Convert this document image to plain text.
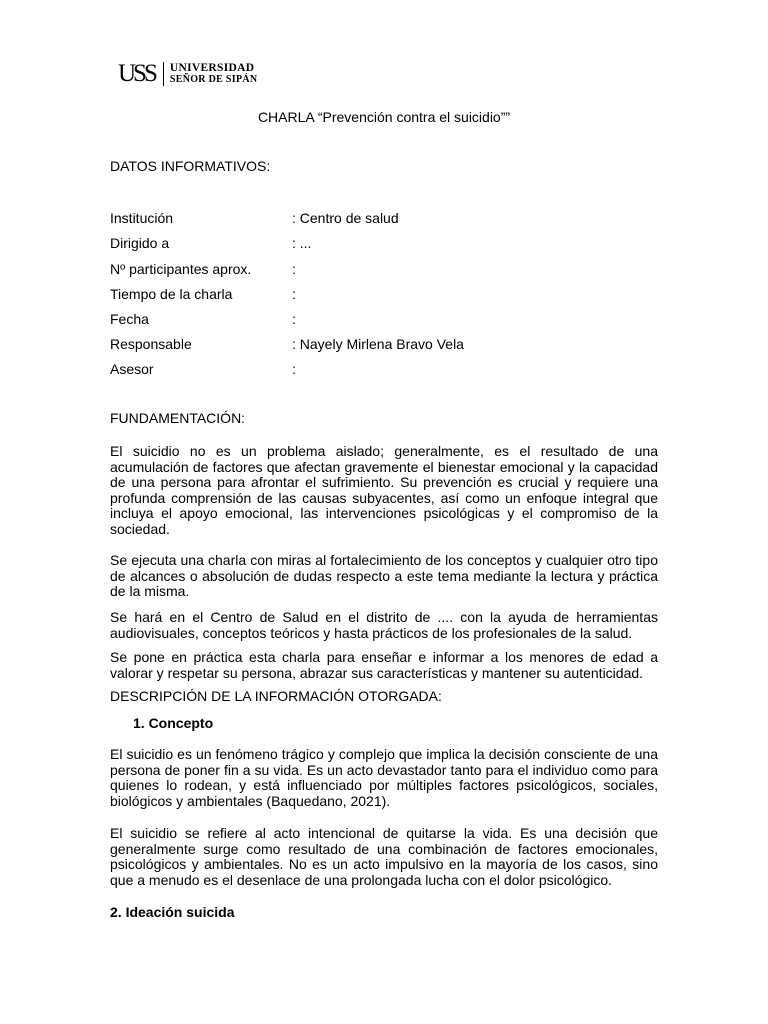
USS UNIVERSIDAD
SEÑOR DE SIPÁN
CHARLA “Prevención contra el suicidio””
DATOS INFORMATIVOS:
Institución	: Centro de salud
Dirigido a	: ...
Nº participantes aprox.	:
Tiempo de la charla	:
Fecha	:
Responsable	: Nayely Mirlena Bravo Vela
Asesor	:
FUNDAMENTACIÓN:
El suicidio no es un problema aislado; generalmente, es el resultado de una acumulación de factores que afectan gravemente el bienestar emocional y la capacidad de una persona para afrontar el sufrimiento. Su prevención es crucial y requiere una profunda comprensión de las causas subyacentes, así como un enfoque integral que incluya el apoyo emocional, las intervenciones psicológicas y el compromiso de la sociedad.
Se ejecuta una charla con miras al fortalecimiento de los conceptos y cualquier otro tipo de alcances o absolución de dudas respecto a este tema mediante la lectura y práctica de la misma.
Se hará en el Centro de Salud en el distrito de .... con la ayuda de herramientas audiovisuales, conceptos teóricos y hasta prácticos de los profesionales de la salud.
Se pone en práctica esta charla para enseñar e informar a los menores de edad a valorar y respetar su persona, abrazar sus características y mantener su autenticidad.
DESCRIPCIÓN DE LA INFORMACIÓN OTORGADA:
1. Concepto
El suicidio es un fenómeno trágico y complejo que implica la decisión consciente de una persona de poner fin a su vida. Es un acto devastador tanto para el individuo como para quienes lo rodean, y está influenciado por múltiples factores psicológicos, sociales, biológicos y ambientales (Baquedano, 2021).
El suicidio se refiere al acto intencional de quitarse la vida. Es una decisión que generalmente surge como resultado de una combinación de factores emocionales, psicológicos y ambientales. No es un acto impulsivo en la mayoría de los casos, sino que a menudo es el desenlace de una prolongada lucha con el dolor psicológico.
2. Ideación suicida
